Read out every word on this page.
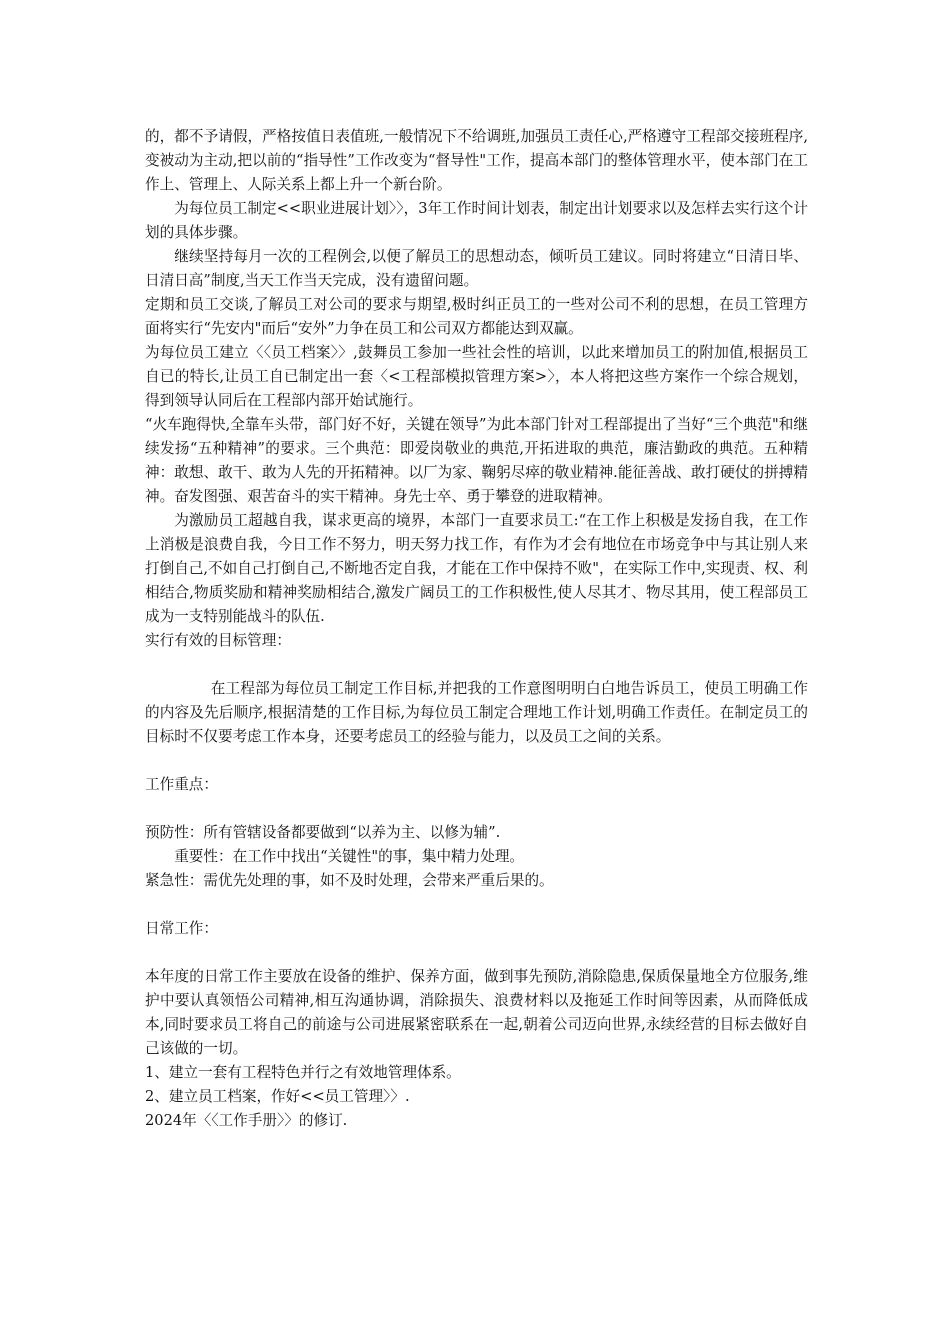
的，都不予请假，严格按值日表值班,一般情况下不给调班,加强员工责任心,严格遵守工程部交接班程序,变被动为主动,把以前的“指导性”工作改变为“督导性"工作，提高本部门的整体管理水平，使本部门在工作上、管理上、人际关系上都上升一个新台阶。

为每位员工制定<<职业进展计划〉〉，3年工作时间计划表，制定出计划要求以及怎样去实行这个计划的具体步骤。

继续坚持每月一次的工程例会,以便了解员工的思想动态，倾听员工建议。同时将建立“日清日毕、日清日高”制度,当天工作当天完成，没有遗留问题。

定期和员工交谈,了解员工对公司的要求与期望,极时纠正员工的一些对公司不利的思想，在员工管理方面将实行“先安内"而后“安外”力争在员工和公司双方都能达到双赢。

为每位员工建立〈〈员工档案〉〉,鼓舞员工参加一些社会性的培训，以此来增加员工的附加值,根据员工自已的特长,让员工自已制定出一套〈<工程部模拟管理方案>〉，本人将把这些方案作一个综合规划，得到领导认同后在工程部内部开始试施行。

“火车跑得快,全靠车头带，部门好不好，关键在领导”为此本部门针对工程部提出了当好“三个典范"和继续发扬“五种精神”的要求。三个典范：即爱岗敬业的典范,开拓进取的典范，廉洁勤政的典范。五种精神：敢想、敢干、敢为人先的开拓精神。以厂为家、鞠躬尽瘁的敬业精神.能征善战、敢打硬仗的拼搏精神。奋发图强、艰苦奋斗的实干精神。身先士卒、勇于攀登的进取精神。

为激励员工超越自我，谋求更高的境界，本部门一直要求员工:“在工作上积极是发扬自我，在工作上消极是浪费自我，今日工作不努力，明天努力找工作，有作为才会有地位在市场竞争中与其让别人来打倒自己,不如自己打倒自己,不断地否定自我，才能在工作中保持不败"，在实际工作中,实现责、权、利相结合,物质奖励和精神奖励相结合,激发广阔员工的工作积极性,使人尽其才、物尽其用，使工程部员工成为一支特别能战斗的队伍.

实行有效的目标管理：

在工程部为每位员工制定工作目标,并把我的工作意图明明白白地告诉员工，使员工明确工作的内容及先后顺序,根据清楚的工作目标,为每位员工制定合理地工作计划,明确工作责任。在制定员工的目标时不仅要考虑工作本身，还要考虑员工的经验与能力，以及员工之间的关系。

工作重点：

预防性：所有管辖设备都要做到“以养为主、以修为辅”.

重要性：在工作中找出“关键性"的事，集中精力处理。

紧急性：需优先处理的事，如不及时处理，会带来严重后果的。

日常工作：

本年度的日常工作主要放在设备的维护、保养方面，做到事先预防,消除隐患,保质保量地全方位服务,维护中要认真领悟公司精神,相互沟通协调，消除损失、浪费材料以及拖延工作时间等因素，从而降低成本,同时要求员工将自己的前途与公司进展紧密联系在一起,朝着公司迈向世界,永续经营的目标去做好自己该做的一切。

1、建立一套有工程特色并行之有效地管理体系。

2、建立员工档案，作好<<员工管理〉〉.

2024年〈〈工作手册〉〉的修订.
